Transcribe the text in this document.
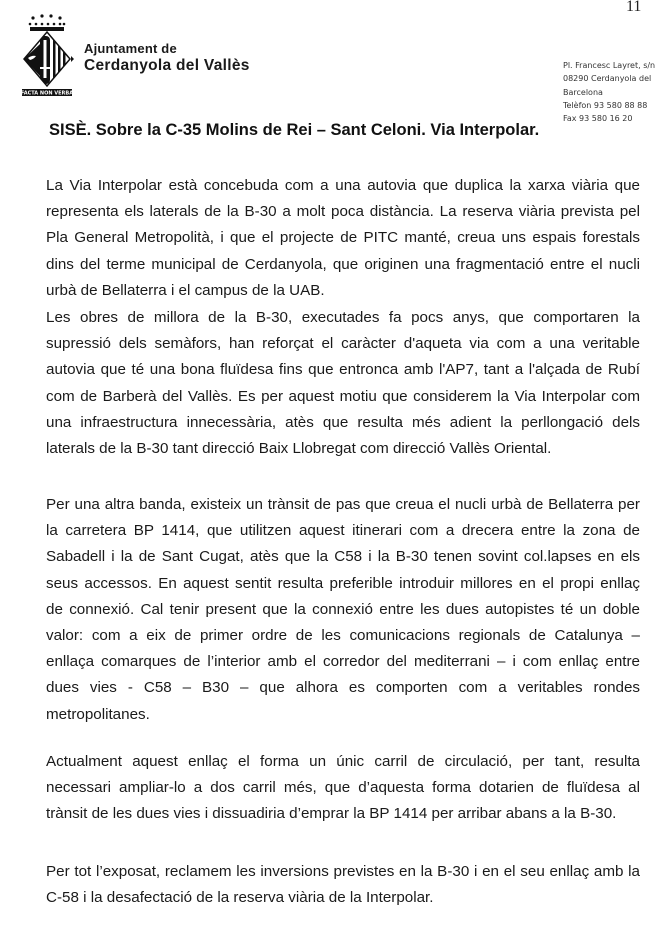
11
FACTA NON VERBA
Ajuntament de
Cerdanyola del Vallès	Pl. Francesc Layret, s/n
08290 Cerdanyola del
Barcelona
Telèfon 93 580 88 88
Fax 93 580 16 20
SISÈ. Sobre la C-35 Molins de Rei – Sant Celoni. Via Interpolar.
La Via Interpolar està concebuda com a una autovia que duplica la xarxa viària que
representa els laterals de la B-30 a molt poca distància. La reserva viària prevista pel
Pla General Metropolità, i que el projecte de PITC manté, creua uns espais forestals
dins del terme municipal de Cerdanyola, que originen una fragmentació entre el nucli
urbà de Bellaterra i el campus de la UAB.
Les obres de millora de la B-30, executades fa pocs anys, que comportaren la
supressió dels semàfors, han reforçat el caràcter d'aqueta via com a una veritable
autovia que té una bona fluïdesa fins que entronca amb l'AP7, tant a l'alçada de Rubí
com de Barberà del Vallès. Es per aquest motiu que considerem la Via Interpolar com
una infraestructura innecessària, atès que resulta més adient la perllongació dels
laterals de la B-30 tant direcció Baix Llobregat com direcció Vallès Oriental.
Per una altra banda, existeix un trànsit de pas que creua el nucli urbà de Bellaterra per
la carretera BP 1414, que utilitzen aquest itinerari com a drecera entre la zona de
Sabadell i la de Sant Cugat, atès que la C58 i la B-30 tenen sovint col.lapses en els
seus accessos. En aquest sentit resulta preferible introduir millores en el propi enllaç
de connexió. Cal tenir present que la connexió entre les dues autopistes té un doble
valor: com a eix de primer ordre de les comunicacions regionals de Catalunya –
enllaça comarques de l’interior amb el corredor del mediterrani – i com enllaç entre
dues vies - C58 – B30 – que alhora es comporten com a veritables rondes
metropolitanes.
Actualment aquest enllaç el forma un únic carril de circulació, per tant, resulta
necessari ampliar-lo a dos carril més, que d’aquesta forma dotarien de fluïdesa al
trànsit de les dues vies i dissuadiria d’emprar la BP 1414 per arribar abans a la B-30.
Per tot l’exposat, reclamem les inversions previstes en la B-30 i en el seu enllaç amb la
C-58 i la desafectació de la reserva viària de la Interpolar.
